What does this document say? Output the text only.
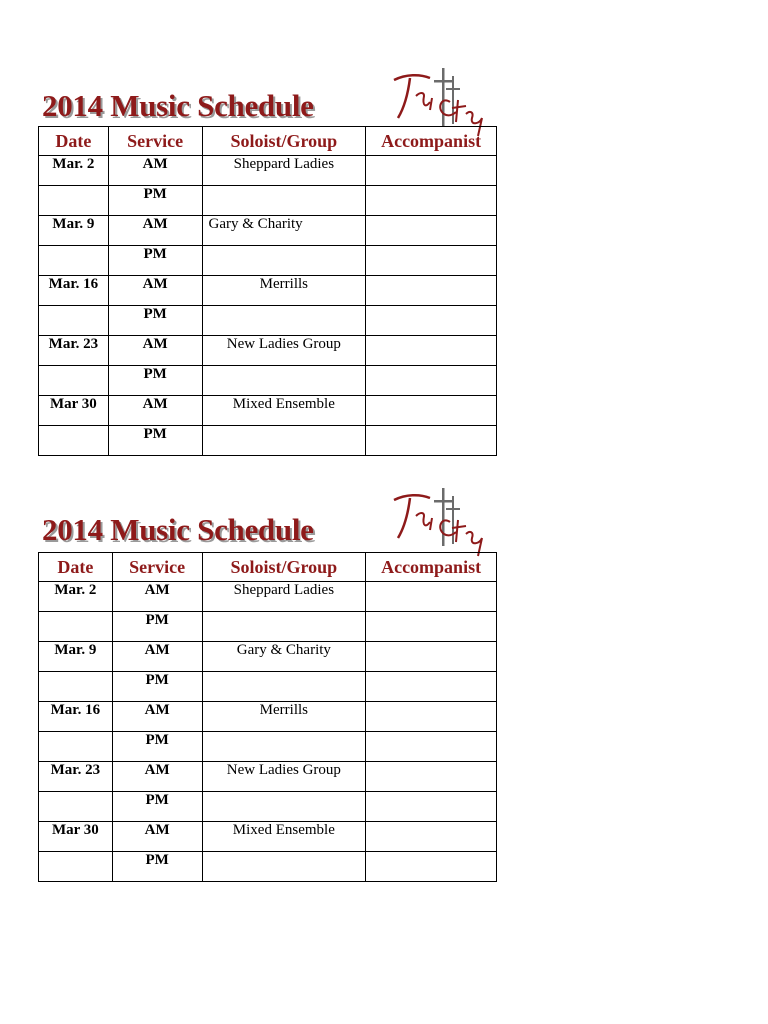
2014 Music Schedule
Date	Service	Soloist/Group	Accompanist
Mar. 2	AM	Sheppard Ladies	
	PM		
Mar. 9	AM	Gary & Charity	
	PM		
Mar. 16	AM	Merrills	
	PM		
Mar. 23	AM	New Ladies Group	
	PM		
Mar 30	AM	Mixed Ensemble	
	PM		
2014 Music Schedule
Date	Service	Soloist/Group	Accompanist
Mar. 2	AM	Sheppard Ladies	
	PM		
Mar. 9	AM	Gary & Charity	
	PM		
Mar. 16	AM	Merrills	
	PM		
Mar. 23	AM	New Ladies Group	
	PM		
Mar 30	AM	Mixed Ensemble	
	PM		
